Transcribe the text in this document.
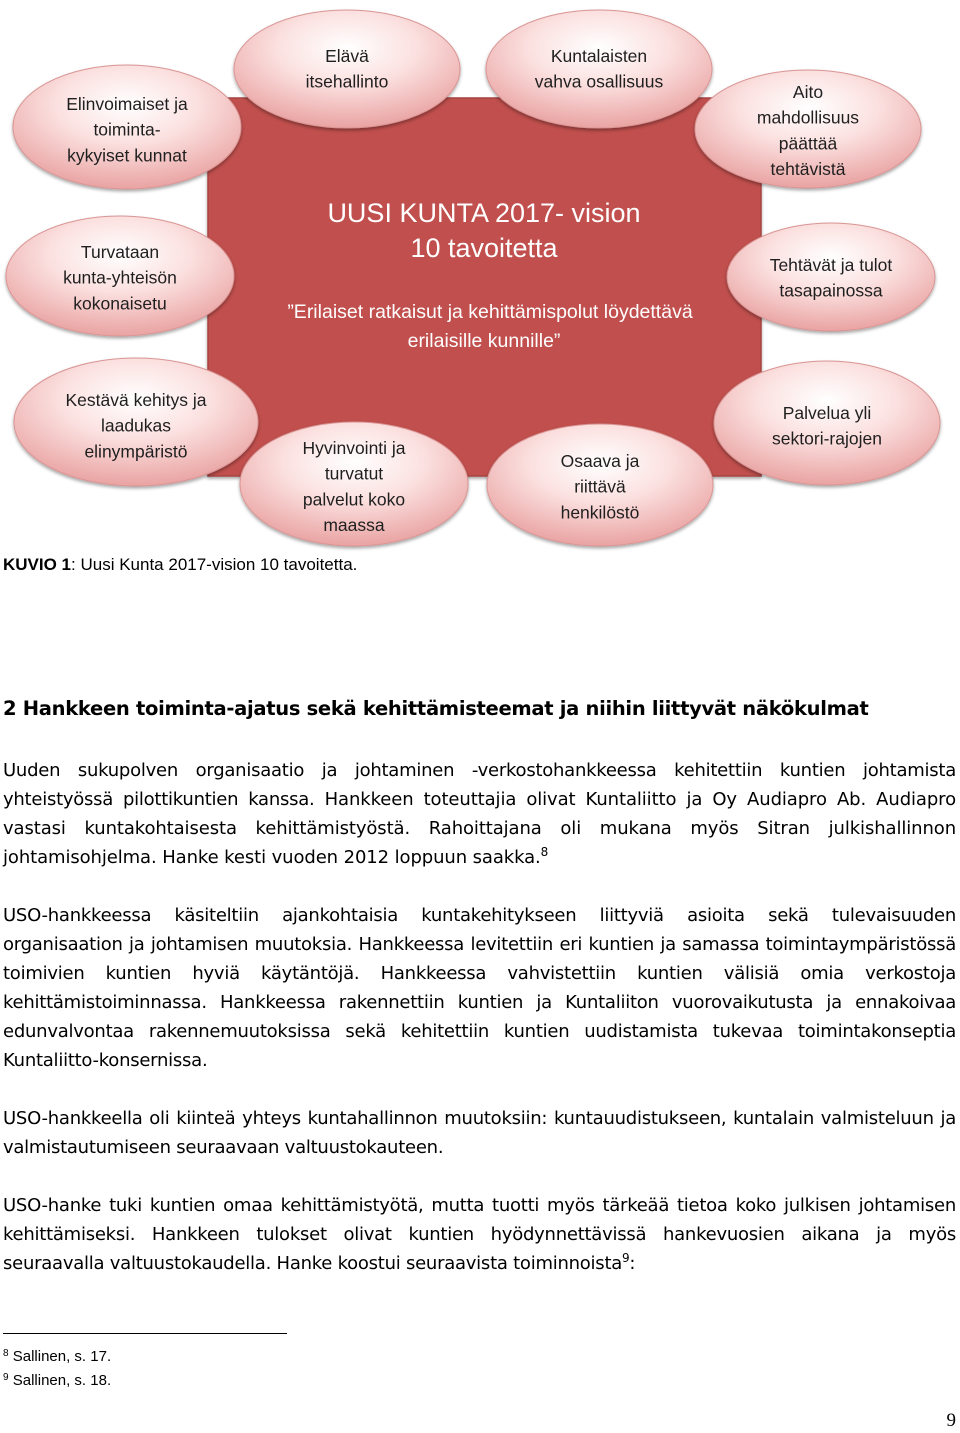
UUSI KUNTA 2017- vision
10 tavoitetta
”Erilaiset ratkaisut ja kehittämispolut löydettävä
erilaisille kunnille”
Elinvoimaiset ja
toiminta-
kykyiset kunnat
Elävä
itsehallinto
Kuntalaisten
vahva osallisuus
Aito
mahdollisuus
päättää
tehtävistä
Turvataan
kunta-yhteisön
kokonaisetu
Tehtävät ja tulot
tasapainossa
Kestävä kehitys ja
laadukas
elinympäristö
Palvelua yli
sektori-rajojen
Hyvinvointi ja
turvatut
palvelut koko
maassa
Osaava ja
riittävä
henkilöstö
KUVIO 1: Uusi Kunta 2017-vision 10 tavoitetta.
2 Hankkeen toiminta-ajatus sekä kehittämisteemat ja niihin liittyvät näkökulmat

Uuden sukupolven organisaatio ja johtaminen -verkostohankkeessa kehitettiin kuntien johtamista yhteistyössä pilottikuntien kanssa. Hankkeen toteuttajia olivat Kuntaliitto ja Oy Audiapro Ab. Audiapro vastasi kuntakohtaisesta kehittämistyöstä. Rahoittajana oli mukana myös Sitran julkishallinnon johtamisohjelma. Hanke kesti vuoden 2012 loppuun saakka.$^8$

USO-hankkeessa käsiteltiin ajankohtaisia kuntakehitykseen liittyviä asioita sekä tulevaisuuden organisaation ja johtamisen muutoksia. Hankkeessa levitettiin eri kuntien ja samassa toimintaympäristössä toimivien kuntien hyviä käytäntöjä. Hankkeessa vahvistettiin kuntien välisiä omia verkostoja kehittämistoiminnassa. Hankkeessa rakennettiin kuntien ja Kuntaliiton vuorovaikutusta ja ennakoivaa edunvalvontaa rakennemuutoksissa sekä kehitettiin kuntien uudistamista tukevaa toimintakonseptia Kuntaliitto-konsernissa.

USO-hankkeella oli kiinteä yhteys kuntahallinnon muutoksiin: kuntauudistukseen, kuntalain valmisteluun ja valmistautumiseen seuraavaan valtuustokauteen.

USO-hanke tuki kuntien omaa kehittämistyötä, mutta tuotti myös tärkeää tietoa koko julkisen johtamisen kehittämiseksi. Hankkeen tulokset olivat kuntien hyödynnettävissä hankevuosien aikana ja myös seuraavalla valtuustokaudella. Hanke koostui seuraavista toiminnoista$^9$:

$^8$ Sallinen, s. 17.
$^9$ Sallinen, s. 18.
9
